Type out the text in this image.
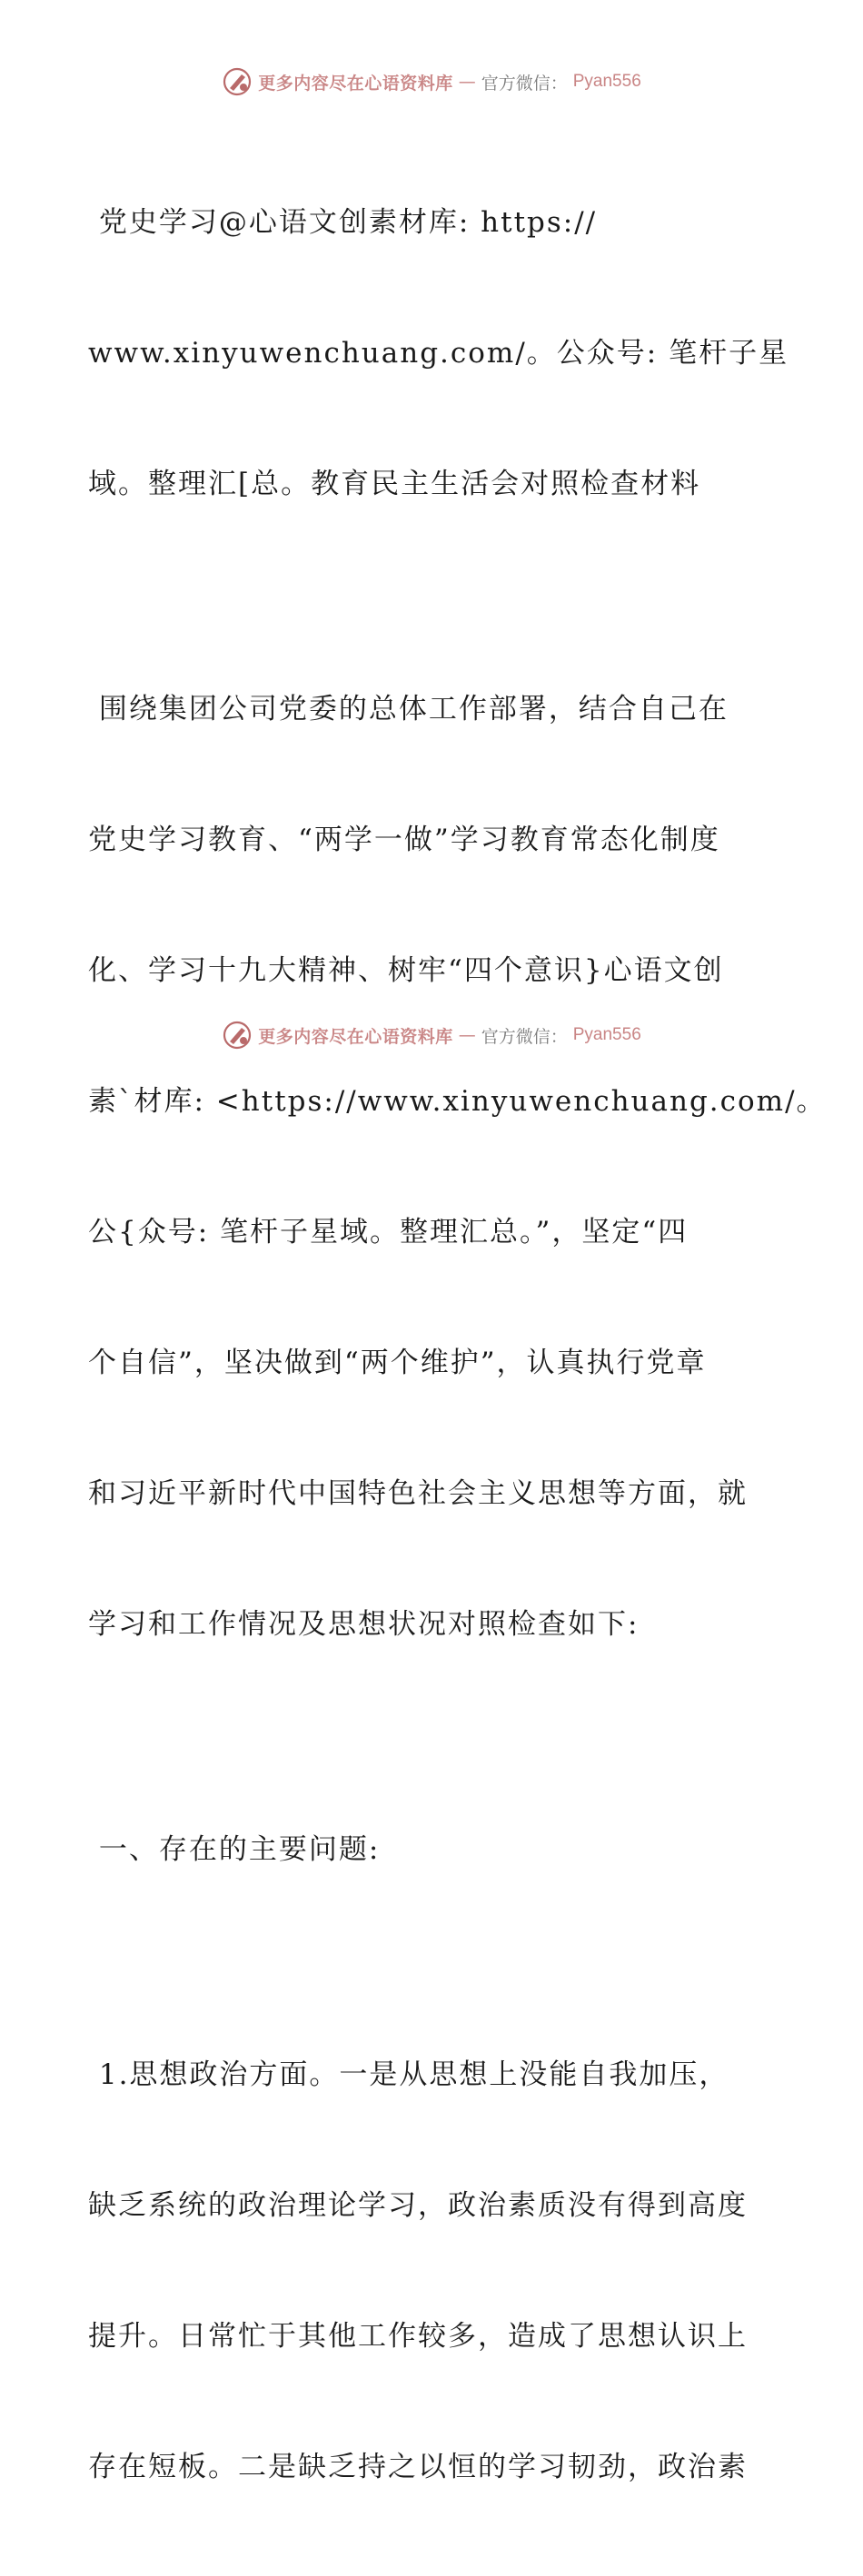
更多内容尽在心语资料库 — 官方微信： Pyan556

党史学习@心语文创素材库: https://

www.xinyuwenchuang.com/。公众号: 笔杆子星

域。整理汇[总。教育民主生活会对照检查材料

围绕集团公司党委的总体工作部署，结合自己在

党史学习教育、“两学一做”学习教育常态化制度

化、学习十九大精神、树牢“四个意识}心语文创

素`材库: <https://www.xinyuwenchuang.com/。

公{众号: 笔杆子星域。整理汇总。”，坚定“四

个自信”，坚决做到“两个维护”，认真执行党章

和习近平新时代中国特色社会主义思想等方面，就

学习和工作情况及思想状况对照检查如下:

一、存在的主要问题:

1.思想政治方面。一是从思想上没能自我加压，

缺乏系统的政治理论学习，政治素质没有得到高度

提升。日常忙于其他工作较多，造成了思想认识上

存在短板。二是缺乏持之以恒的学习韧劲，政治素

更多内容尽在心语资料库 — 官方微信： Pyan556
